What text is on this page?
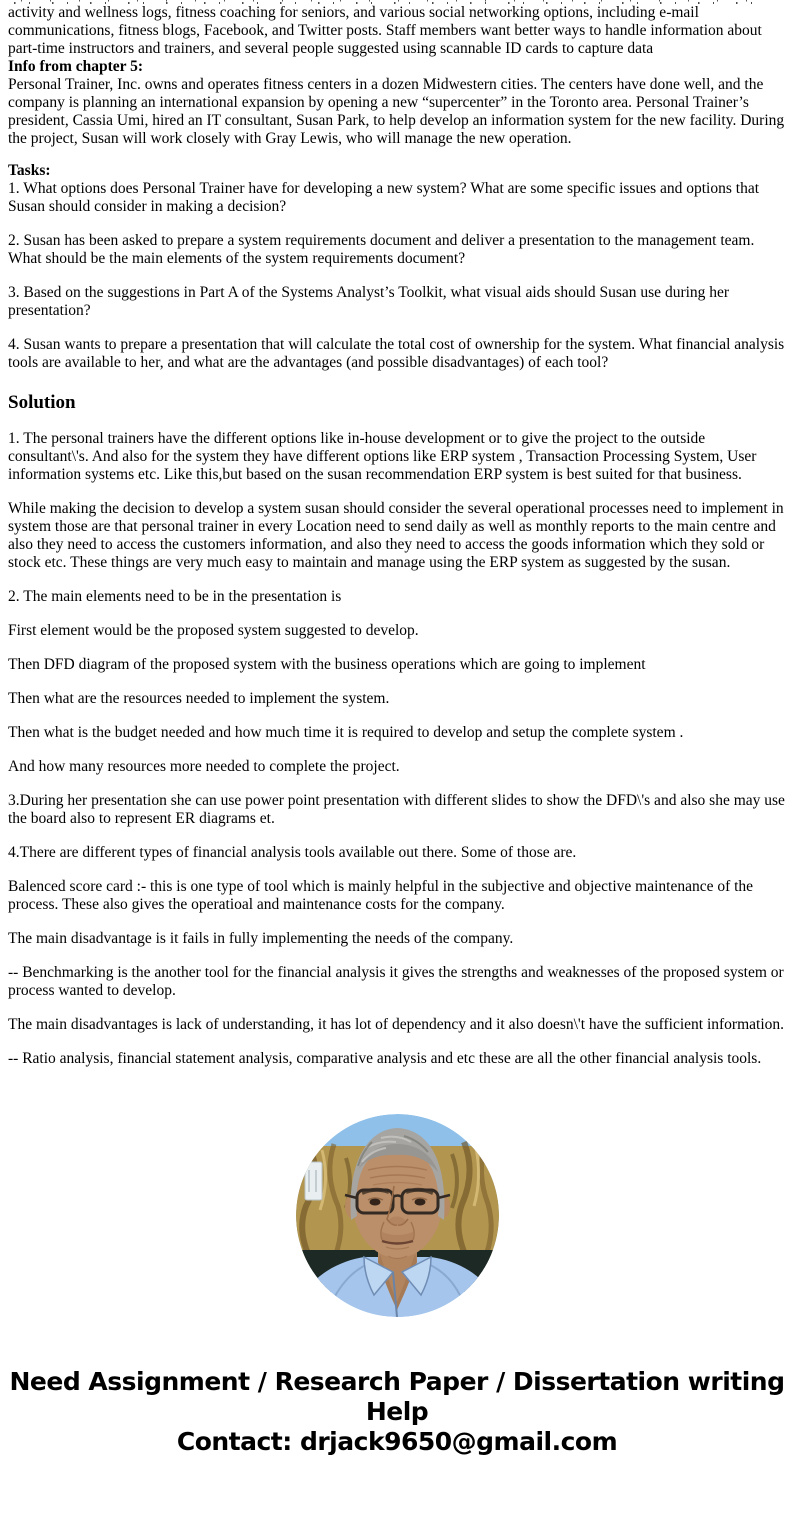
activity and wellness logs, fitness coaching for seniors, and various social networking options, including e-mail communications, fitness blogs, Facebook, and Twitter posts. Staff members want better ways to handle information about part-time instructors and trainers, and several people suggested using scannable ID cards to capture data

Info from chapter 5:

Personal Trainer, Inc. owns and operates fitness centers in a dozen Midwestern cities. The centers have done well, and the company is planning an international expansion by opening a new “supercenter” in the Toronto area. Personal Trainer’s president, Cassia Umi, hired an IT consultant, Susan Park, to help develop an information system for the new facility. During the project, Susan will work closely with Gray Lewis, who will manage the new operation.

Tasks:

1. What options does Personal Trainer have for developing a new system? What are some specific issues and options that Susan should consider in making a decision?

2. Susan has been asked to prepare a system requirements document and deliver a presentation to the management team. What should be the main elements of the system requirements document?

3. Based on the suggestions in Part A of the Systems Analyst’s Toolkit, what visual aids should Susan use during her presentation?

4. Susan wants to prepare a presentation that will calculate the total cost of ownership for the system. What financial analysis tools are available to her, and what are the advantages (and possible disadvantages) of each tool?

Solution

1. The personal trainers have the different options like in-house development or to give the project to the outside consultant\'s. And also for the system they have different options like ERP system , Transaction Processing System, User information systems etc. Like this,but based on the susan recommendation ERP system is best suited for that business.

While making the decision to develop a system susan should consider the several operational processes need to implement in system those are that personal trainer in every Location need to send daily as well as monthly reports to the main centre and also they need to access the customers information, and also they need to access the goods information which they sold or stock etc. These things are very much easy to maintain and manage using the ERP system as suggested by the susan.

2. The main elements need to be in the presentation is

First element would be the proposed system suggested to develop.

Then DFD diagram of the proposed system with the business operations which are going to implement

Then what are the resources needed to implement the system.

Then what is the budget needed and how much time it is required to develop and setup the complete system .

And how many resources more needed to complete the project.

3.During her presentation she can use power point presentation with different slides to show the DFD\'s and also she may use the board also to represent ER diagrams et.

4.There are different types of financial analysis tools available out there. Some of those are.

Balenced score card :- this is one type of tool which is mainly helpful in the subjective and objective maintenance of the process. These also gives the operatioal and maintenance costs for the company.

The main disadvantage is it fails in fully implementing the needs of the company.

-- Benchmarking is the another tool for the financial analysis it gives the strengths and weaknesses of the proposed system or process wanted to develop.

The main disadvantages is lack of understanding, it has lot of dependency and it also doesn\'t have the sufficient information.

-- Ratio analysis, financial statement analysis, comparative analysis and etc these are all the other financial analysis tools.

Need Assignment / Research Paper / Dissertation writing Help
Contact: drjack9650@gmail.com
